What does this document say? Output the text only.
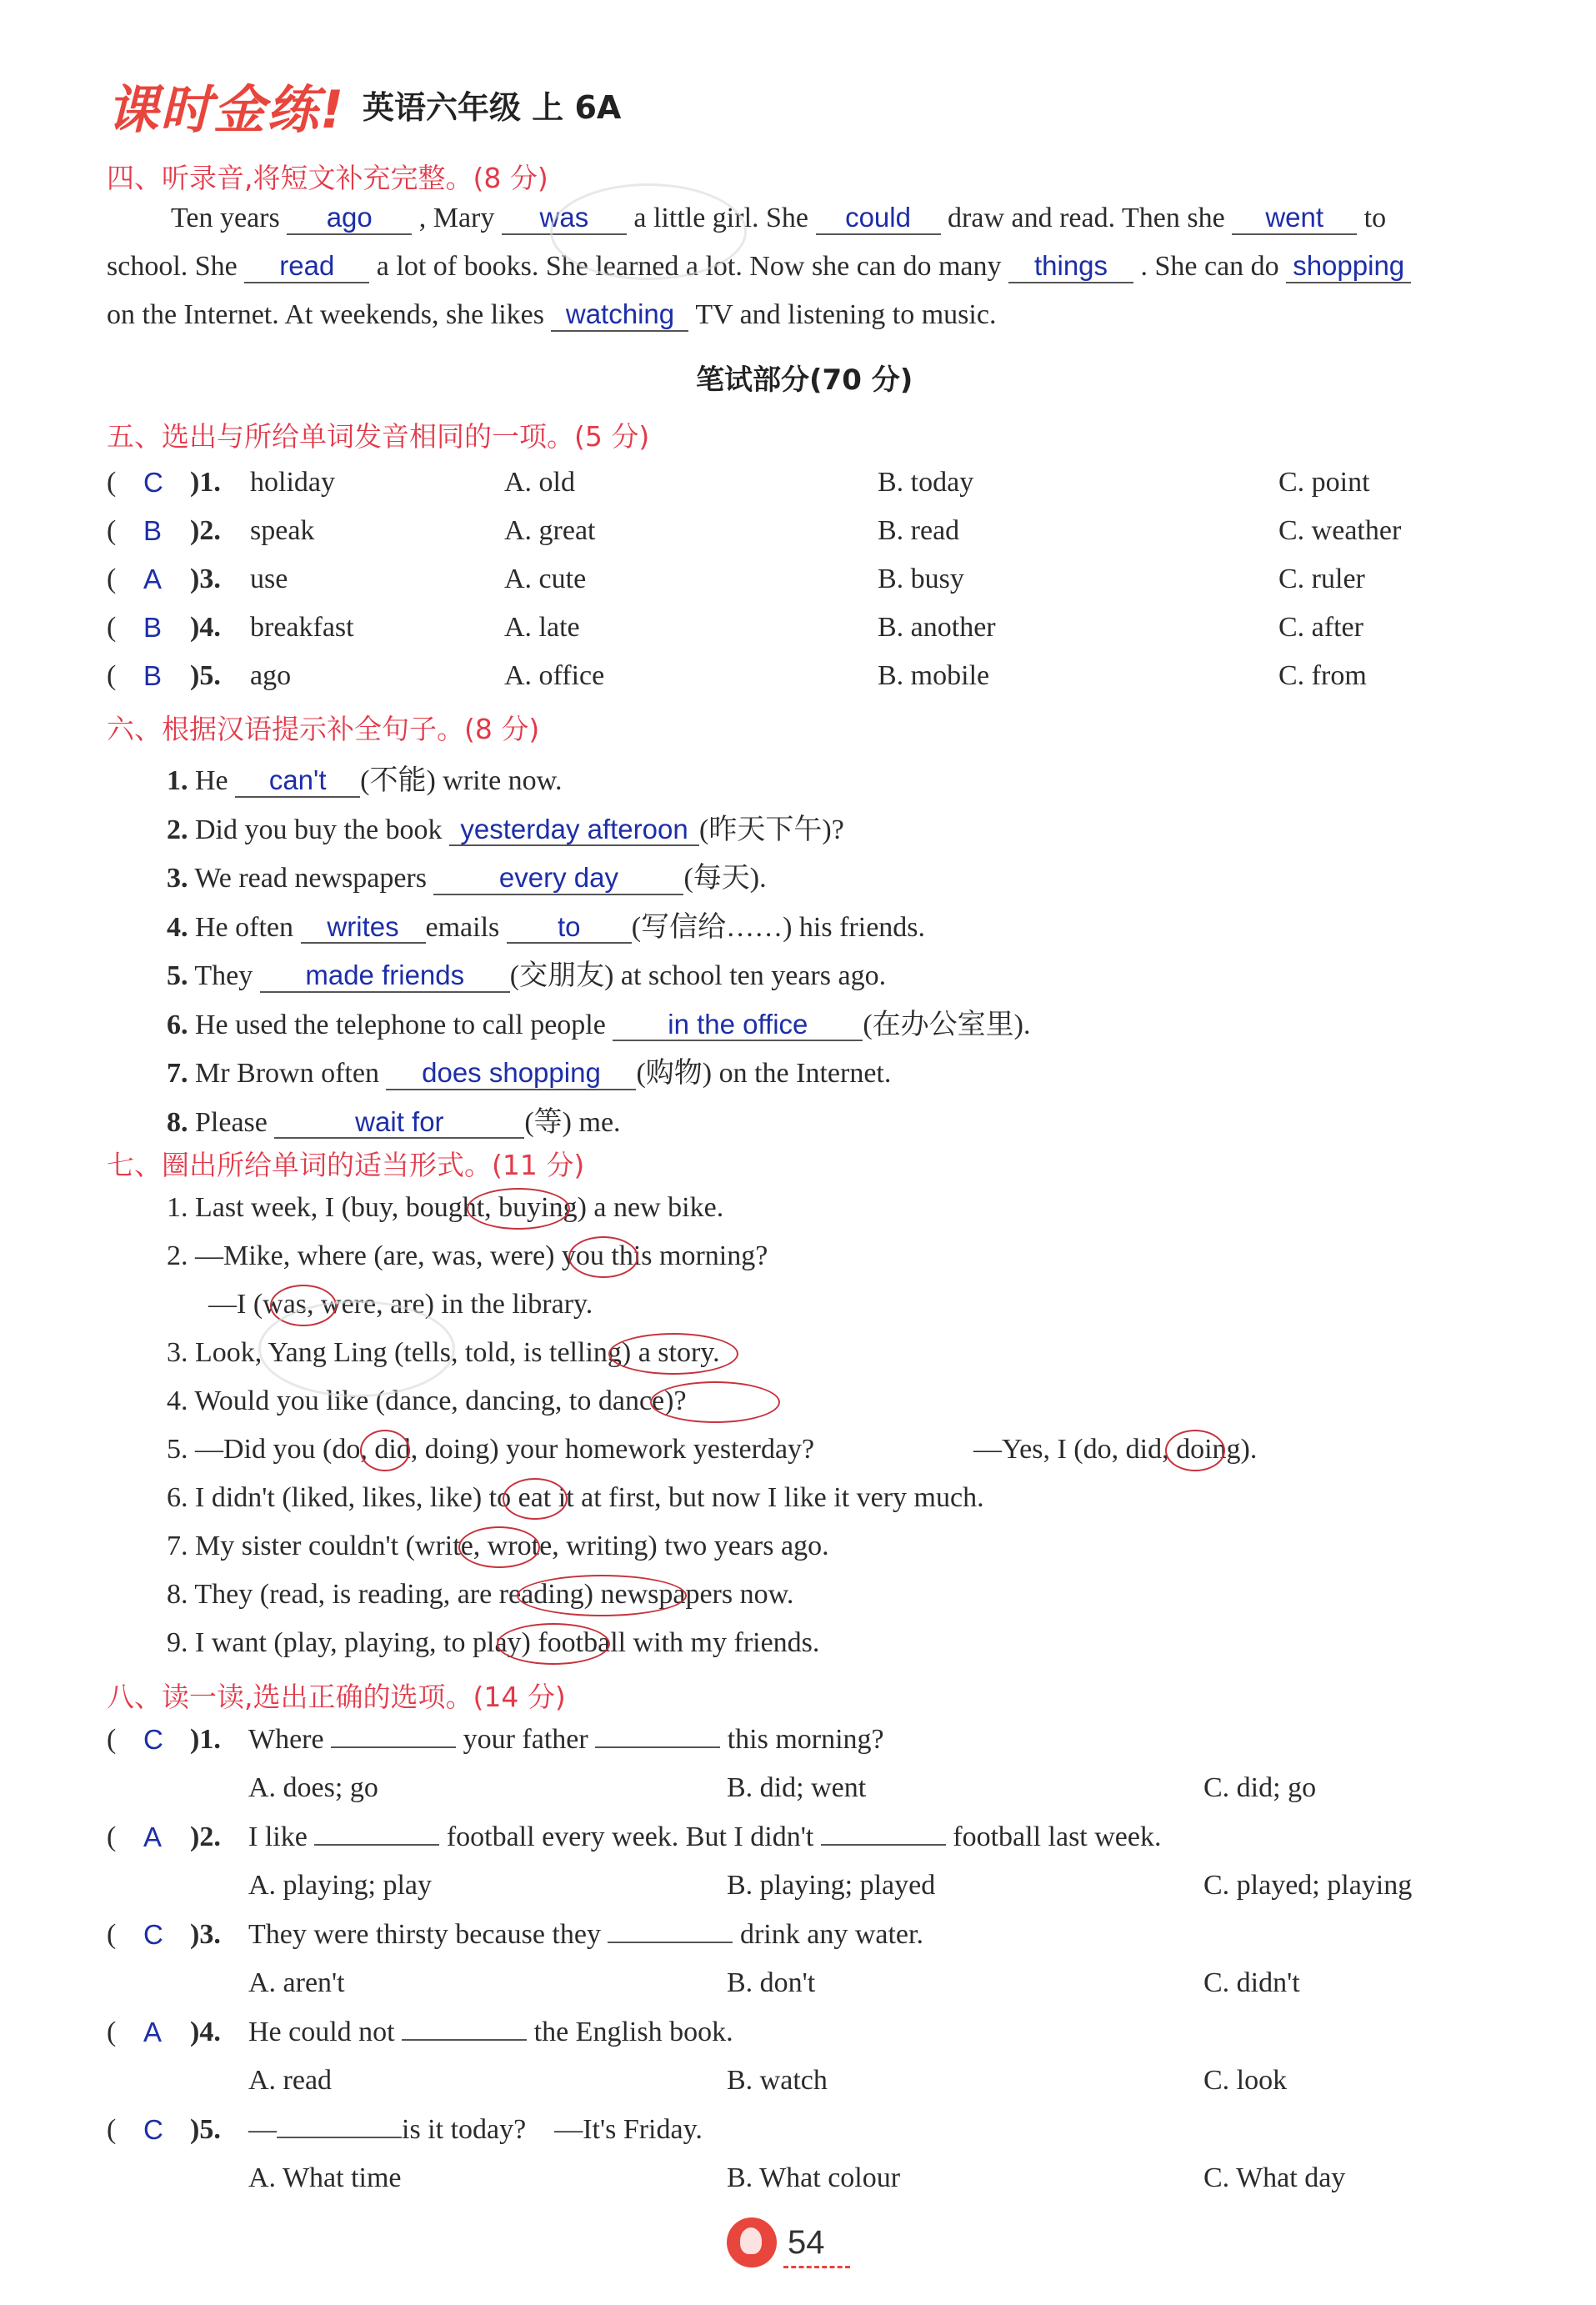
课时金练! 英语六年级 上 6A
四、听录音,将短文补充完整。(8 分)
Ten years ago , Mary was a little girl. She could draw and read. Then she went to
school. She read a lot of books. She learned a lot. Now she can do many things . She can do shopping
on the Internet. At weekends, she likes watching TV and listening to music.
笔试部分(70 分)
五、选出与所给单词发音相同的一项。(5 分)
( C )1. holiday	A. old	B. today	C. point
( B )2. speak	A. great	B. read	C. weather
( A )3. use	A. cute	B. busy	C. ruler
( B )4. breakfast	A. late	B. another	C. after
( B )5. ago	A. office	B. mobile	C. from
六、根据汉语提示补全句子。(8 分)
1. He can't (不能) write now.
2. Did you buy the book yesterday afteroon (昨天下午)?
3. We read newspapers	every day (每天).
4. He often writes emails to (写信给……) his friends.
5. They made friends (交朋友) at school ten years ago.
6. He used the telephone to call people in the office (在办公室里).
7. Mr Brown often does shopping (购物) on the Internet.
8. Please	wait for	(等) me.
七、圈出所给单词的适当形式。(11 分)
1. Last week, I (buy, bought, buying) a new bike.
2. —Mike, where (are, was, were) you this morning?
—I (was, were, are) in the library.
3. Look, Yang Ling (tells, told, is telling) a story.
4. Would you like (dance, dancing, to dance)?
5. —Did you (do, did, doing) your homework yesterday?	—Yes, I (do, did, doing).
6. I didn't (liked, likes, like) to eat it at first, but now I like it very much.
7. My sister couldn't (write, wrote, writing) two years ago.
8. They (read, is reading, are reading) newspapers now.
9. I want (play, playing, to play) football with my friends.
八、读一读,选出正确的选项。(14 分)
( C )1. Where	your father	this morning?
A. does; go	B. did; went	C. did; go
( A )2. I like	football every week. But I didn't	football last week.
A. playing; play	B. playing; played	C. played; playing
( C )3. They were thirsty because they	drink any water.
A. aren't	B. don't	C. didn't
( A )4. He could not	the English book.
A. read	B. watch	C. look
( C )5. —	is it today? —It's Friday.
A. What time	B. What colour	C. What day
54
